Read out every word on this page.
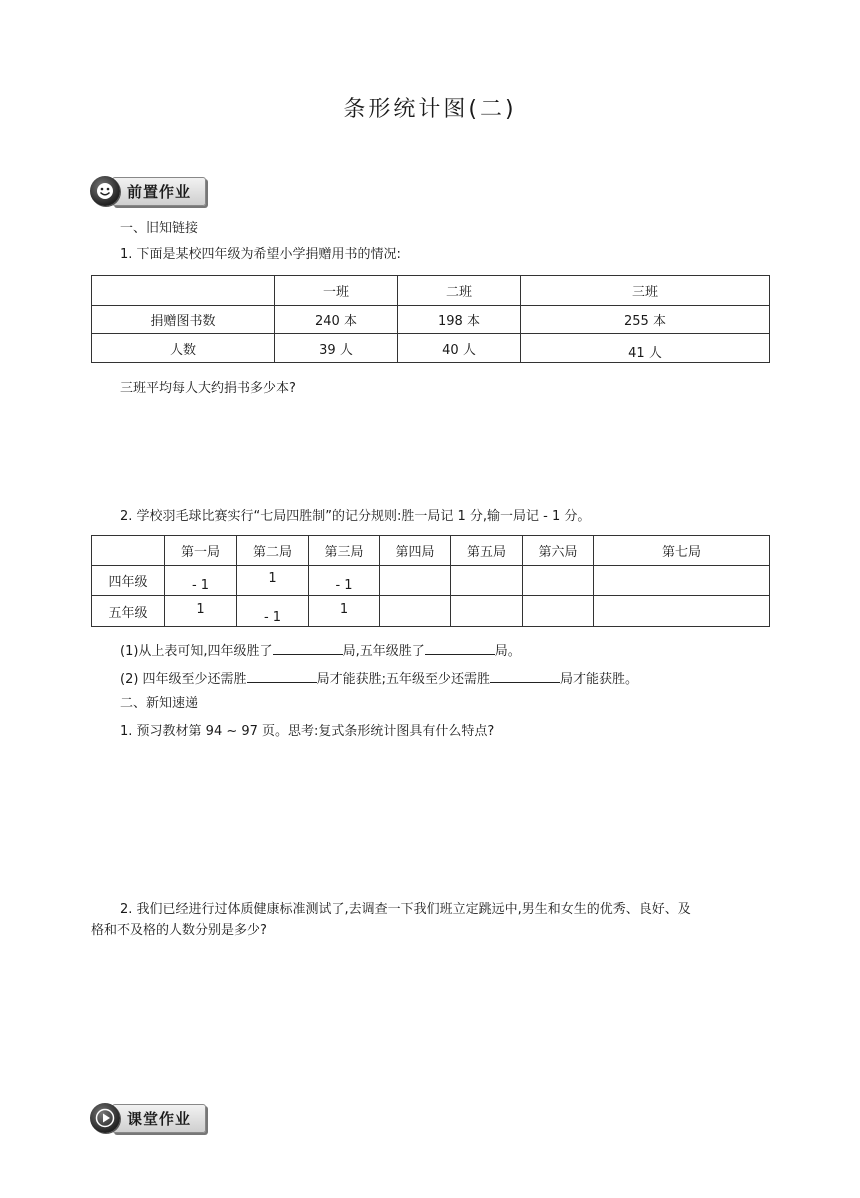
条形统计图(二)
前置作业
一、旧知链接
1. 下面是某校四年级为希望小学捐赠用书的情况:
	一班	二班	三班
捐赠图书数	240 本	198 本	255 本
人数	39 人	40 人	41 人
三班平均每人大约捐书多少本?
2. 学校羽毛球比赛实行“七局四胜制”的记分规则:胜一局记 1 分,输一局记 - 1 分。
	第一局	第二局	第三局	第四局	第五局	第六局	第七局
四年级	- 1	1	- 1				
五年级	1	- 1	1				
(1)从上表可知,四年级胜了	局,五年级胜了	局。
(2) 四年级至少还需胜	局才能获胜;五年级至少还需胜	局才能获胜。
二、新知速递
1. 预习教材第 94 ~ 97 页。思考:复式条形统计图具有什么特点?
2. 我们已经进行过体质健康标准测试了,去调查一下我们班立定跳远中,男生和女生的优秀、良好、及
格和不及格的人数分别是多少?
课堂作业
